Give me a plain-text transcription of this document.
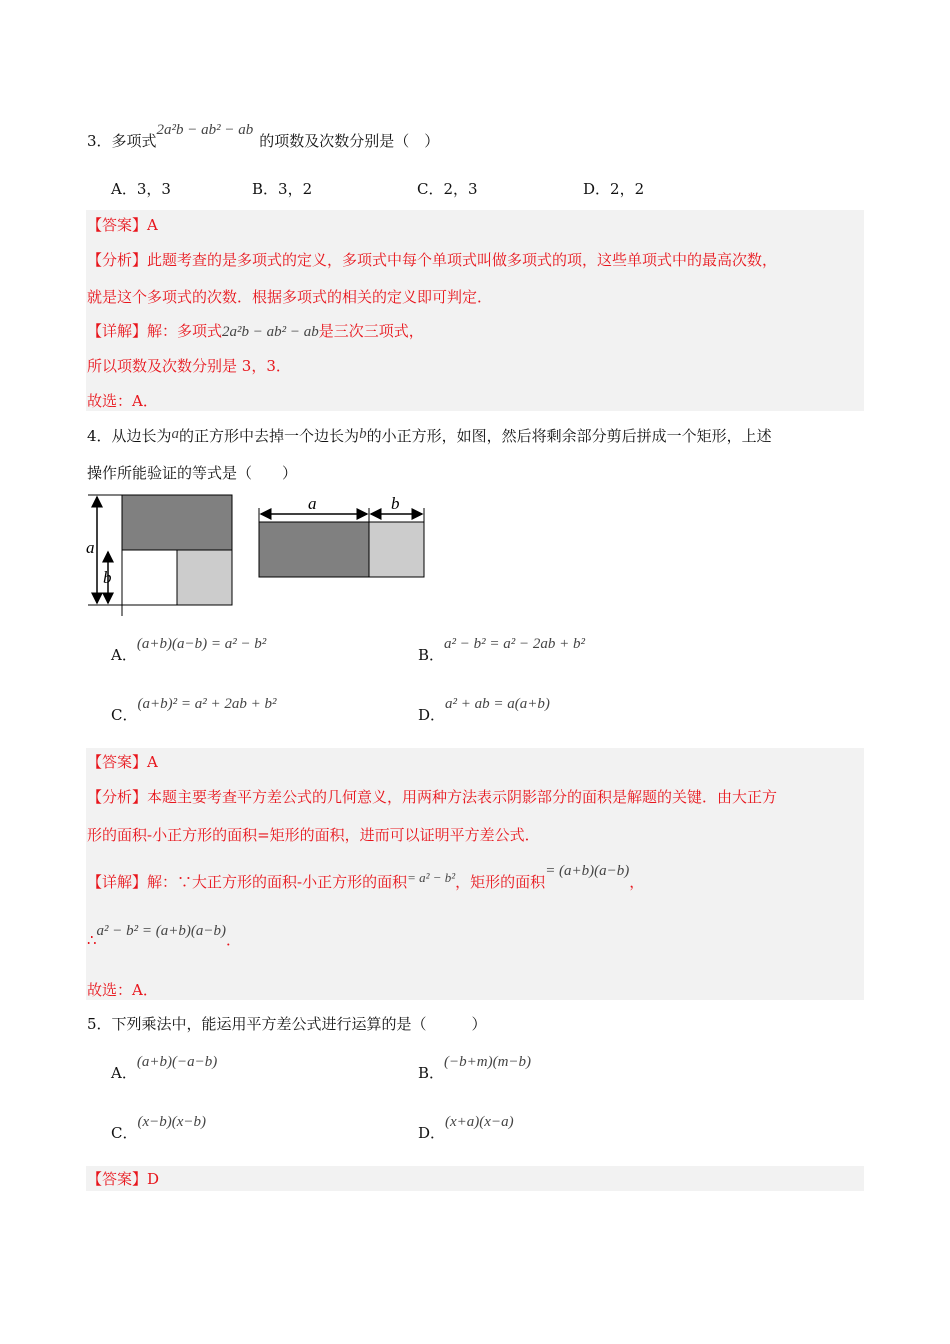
3．多项式2a²b − ab² − ab的项数及次数分别是（　）
A．3，3	B．3，2	C．2，3	D．2，2
【答案】A
【分析】此题考查的是多项式的定义，多项式中每个单项式叫做多项式的项，这些单项式中的最高次数，
就是这个多项式的次数．根据多项式的相关的定义即可判定．
【详解】解：多项式2a²b − ab² − ab是三次三项式，
所以项数及次数分别是 3，3．
故选：A．
4．从边长为a的正方形中去掉一个边长为b的小正方形，如图，然后将剩余部分剪后拼成一个矩形，上述
操作所能验证的等式是（　　）
a
b
a	b
A．(a+b)(a−b) = a² − b²
B．a² − b² = a² − 2ab + b²
C．(a+b)² = a² + 2ab + b²
D．a² + ab = a(a+b)
【答案】A
【分析】本题主要考查平方差公式的几何意义，用两种方法表示阴影部分的面积是解题的关键．由大正方
形的面积-小正方形的面积=矩形的面积，进而可以证明平方差公式．
【详解】解：∵大正方形的面积-小正方形的面积= a² − b²，矩形的面积= (a+b)(a−b)，
∴a² − b² = (a+b)(a−b)．
故选：A．
5．下列乘法中，能运用平方差公式进行运算的是（　　　）
A．(a+b)(−a−b)
B．(−b+m)(m−b)
C．(x−b)(x−b)
D．(x+a)(x−a)
【答案】D
